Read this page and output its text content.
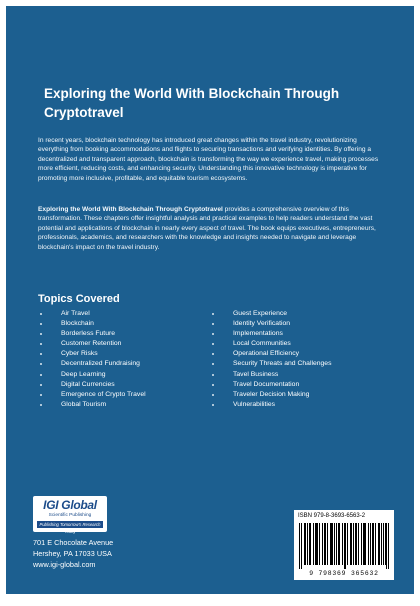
Exploring the World With Blockchain Through Cryptotravel

In recent years, blockchain technology has introduced great changes within the travel industry, revolutionizing everything from booking accommodations and flights to securing transactions and verifying identities. By offering a decentralized and transparent approach, blockchain is transforming the way we experience travel, making processes more efficient, reducing costs, and enhancing security. Understanding this innovative technology is imperative for promoting more inclusive, profitable, and equitable tourism ecosystems.

Exploring the World With Blockchain Through Cryptotravel provides a comprehensive overview of this transformation. These chapters offer insightful analysis and practical examples to help readers understand the vast potential and applications of blockchain in nearly every aspect of travel. The book equips executives, entrepreneurs, professionals, academics, and researchers with the knowledge and insights needed to navigate and leverage blockchain's impact on the travel industry.

Topics Covered
Air Travel
Blockchain
Borderless Future
Customer Retention
Cyber Risks
Decentralized Fundraising
Deep Learning
Digital Currencies
Emergence of Crypto Travel
Global Tourism
Guest Experience
Identity Verification
Implementations
Local Communities
Operational Efficiency
Security Threats and Challenges
Tavel Business
Travel Documentation
Traveler Decision Making
Vulnerabilities
IGI Global
Scientific Publishing
Publishing Tomorrow's Research Today
701 E Chocolate Avenue
Hershey, PA 17033 USA
www.igi-global.com
ISBN 979-8-3693-6563-2
9 798369 365632
